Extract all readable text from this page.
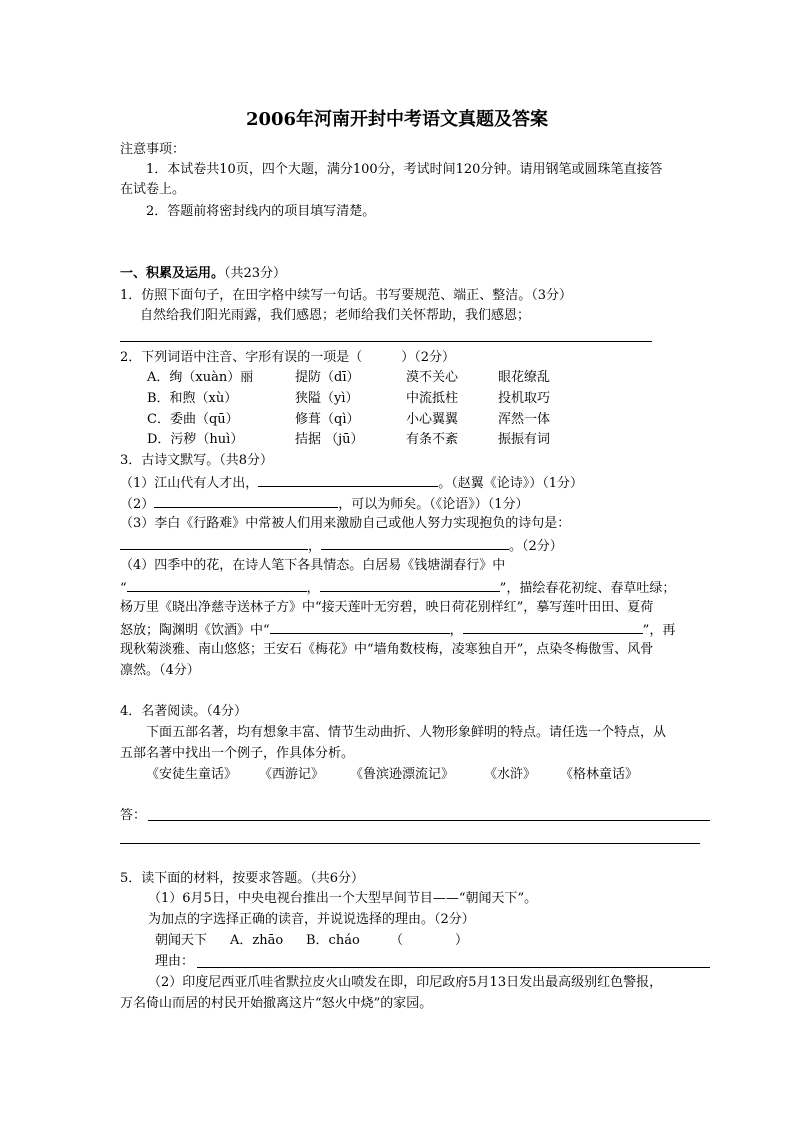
2006年河南开封中考语文真题及答案
注意事项：
1．本试卷共10页，四个大题，满分100分，考试时间120分钟。请用钢笔或圆珠笔直接答
在试卷上。
2．答题前将密封线内的项目填写清楚。
一、积累及运用。（共23分）
1．仿照下面句子，在田字格中续写一句话。书写要规范、端正、整洁。（3分）
自然给我们阳光雨露，我们感恩；老师给我们关怀帮助，我们感恩；
2．下列词语中注音、字形有误的一项是（　　　）（2分）
A．绚（xuàn）丽	提防（dī）	漠不关心	眼花缭乱
B．和煦（xù）	狭隘（yì）	中流抵柱	投机取巧
C．委曲（qū）	修葺（qì）	小心翼翼	浑然一体
D．污秽（huì）	拮据 （jū）	有条不紊	振振有词
3．古诗文默写。（共8分）
（1）江山代有人才出，	。（赵翼《论诗》）（1分）
（2）	，可以为师矣。（《论语》）（1分）
（3）李白《行路难》中常被人们用来激励自己或他人努力实现抱负的诗句是：
，	。（2分）
（4）四季中的花，在诗人笔下各具情态。白居易《钱塘湖春行》中
“	，	”，描绘春花初绽、春草吐绿；
杨万里《晓出净慈寺送林子方》中“接天莲叶无穷碧，映日荷花别样红”，摹写莲叶田田、夏荷
怒放；陶渊明《饮酒》中“	，	”，再
现秋菊淡雅、南山悠悠；王安石《梅花》中“墙角数枝梅，凌寒独自开”，点染冬梅傲雪、风骨
凛然。（4分）
4．名著阅读。（4分）
下面五部名著，均有想象丰富、情节生动曲折、人物形象鲜明的特点。请任选一个特点，从
五部名著中找出一个例子，作具体分析。
《安徒生童话》 《西游记》 《鲁滨逊漂流记》 《水浒》 《格林童话》
答：
5．读下面的材料，按要求答题。（共6分）
（1）6月5日，中央电视台推出一个大型早间节目——“朝闻天下”。
为加点的字选择正确的读音，并说说选择的理由。（2分）
朝闻天下 A．zhāo B．cháo （　　　　）
理由：
（2）印度尼西亚爪哇省默拉皮火山喷发在即，印尼政府5月13日发出最高级别红色警报，
万名倚山而居的村民开始撤离这片“怒火中烧”的家园。
